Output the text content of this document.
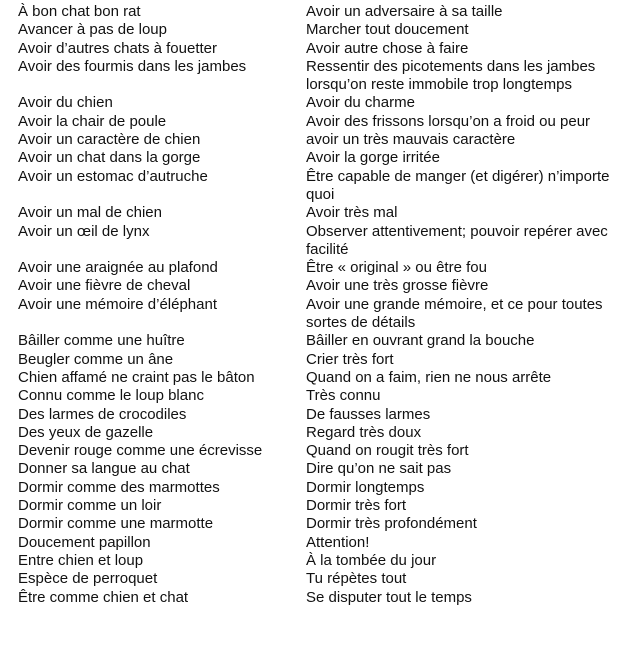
À bon chat bon rat	Avoir un adversaire à sa taille
Avancer à pas de loup	Marcher tout doucement
Avoir d’autres chats à fouetter	Avoir autre chose à faire
Avoir des fourmis dans les jambes	Ressentir des picotements dans les jambes lorsqu’on reste immobile trop longtemps
Avoir du chien	Avoir du charme
Avoir la chair de poule	Avoir des frissons lorsqu’on a froid ou peur
Avoir un caractère de chien	avoir un très mauvais caractère
Avoir un chat dans la gorge	Avoir la gorge irritée
Avoir un estomac d’autruche	Être capable de manger (et digérer) n’importe quoi
Avoir un mal de chien	Avoir très mal
Avoir un œil de lynx	Observer attentivement; pouvoir repérer avec facilité
Avoir une araignée au plafond	Être « original » ou être fou
Avoir une fièvre de cheval	Avoir une très grosse fièvre
Avoir une mémoire d’éléphant	Avoir une grande mémoire, et ce pour toutes sortes de détails
Bâiller comme une huître	Bâiller en ouvrant grand la bouche
Beugler comme un âne	Crier très fort
Chien affamé ne craint pas le bâton	Quand on a faim, rien ne nous arrête
Connu comme le loup blanc	Très connu
Des larmes de crocodiles	De fausses larmes
Des yeux de gazelle	Regard très doux
Devenir rouge comme une écrevisse	Quand on rougit très fort
Donner sa langue au chat	Dire qu’on ne sait pas
Dormir comme des marmottes	Dormir longtemps
Dormir comme un loir	Dormir très fort
Dormir comme une marmotte	Dormir très profondément
Doucement papillon	Attention!
Entre chien et loup	À la tombée du jour
Espèce de perroquet	Tu répètes tout
Être comme chien et chat	Se disputer tout le temps
